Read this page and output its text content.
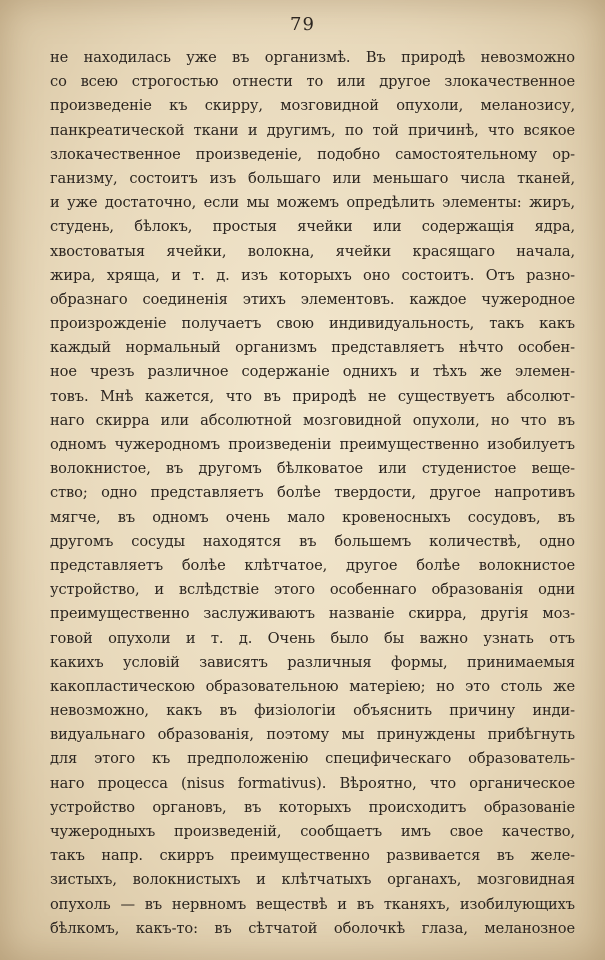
79
не находилась уже въ организмѣ. Въ природѣ невозможно
со всею строгостью отнести то или другое злокачественное
произведеніе къ скирру, мозговидной опухоли, меланозису,
панкреатической ткани и другимъ, по той причинѣ, что всякое
злокачественное произведеніе, подобно самостоятельному ор-
ганизму, состоитъ изъ большаго или меньшаго числа тканей,
и уже достаточно, если мы можемъ опредѣлить элементы: жиръ,
студень, бѣлокъ, простыя ячейки или содержащія ядра,
хвостоватыя ячейки, волокна, ячейки красящаго начала,
жира, хряща, и т. д. изъ которыхъ оно состоитъ. Отъ разно-
образнаго соединенія этихъ элементовъ. каждое чужеродное
произрожденіе получаетъ свою индивидуальность, такъ какъ
каждый нормальный организмъ представляетъ нѣчто особен-
ное чрезъ различное содержаніе однихъ и тѣхъ же элемен-
товъ. Мнѣ кажется, что въ природѣ не существуетъ абсолют-
наго скирра или абсолютной мозговидной опухоли, но что въ
одномъ чужеродномъ произведеніи преимущественно изобилуетъ
волокнистое, въ другомъ бѣлковатое или студенистое веще-
ство; одно представляетъ болѣе твердости, другое напротивъ
мягче, въ одномъ очень мало кровеносныхъ сосудовъ, въ
другомъ сосуды находятся въ большемъ количествѣ, одно
представляетъ болѣе клѣтчатое, другое болѣе волокнистое
устройство, и вслѣдствіе этого особеннаго образованія одни
преимущественно заслуживаютъ названіе скирра, другія моз-
говой опухоли и т. д. Очень было бы важно узнать отъ
какихъ условій зависятъ различныя формы, принимаемыя
какопластическою образовательною матеріею; но это столь же
невозможно, какъ въ физіологіи объяснить причину инди-
видуальнаго образованія, поэтому мы принуждены прибѣгнуть
для этого къ предположенію специфическаго образователь-
наго процесса (nisus formativus). Вѣроятно, что органическое
устройство органовъ, въ которыхъ происходитъ образованіе
чужеродныхъ произведеній, сообщаетъ имъ свое качество,
такъ напр. скирръ преимущественно развивается въ желе-
зистыхъ, волокнистыхъ и клѣтчатыхъ органахъ, мозговидная
опухоль — въ нервномъ веществѣ и въ тканяхъ, изобилующихъ
бѣлкомъ, какъ-то: въ сѣтчатой оболочкѣ глаза, меланозное
